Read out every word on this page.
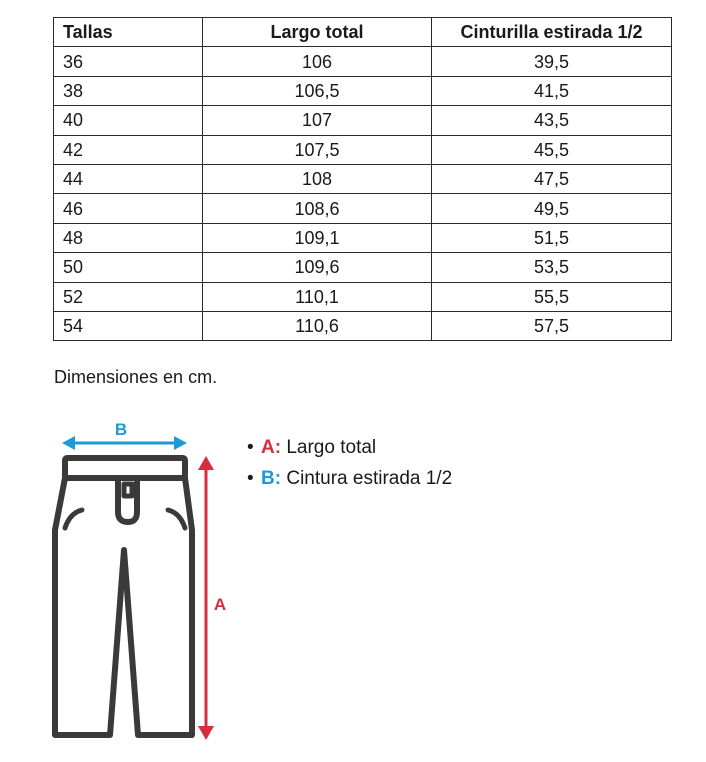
Tallas	Largo total	Cinturilla estirada 1/2
36	106	39,5
38	106,5	41,5
40	107	43,5
42	107,5	45,5
44	108	47,5
46	108,6	49,5
48	109,1	51,5
50	109,6	53,5
52	110,1	55,5
54	110,6	57,5

Dimensiones en cm.

B
A
• A: Largo total
• B: Cintura estirada 1/2
